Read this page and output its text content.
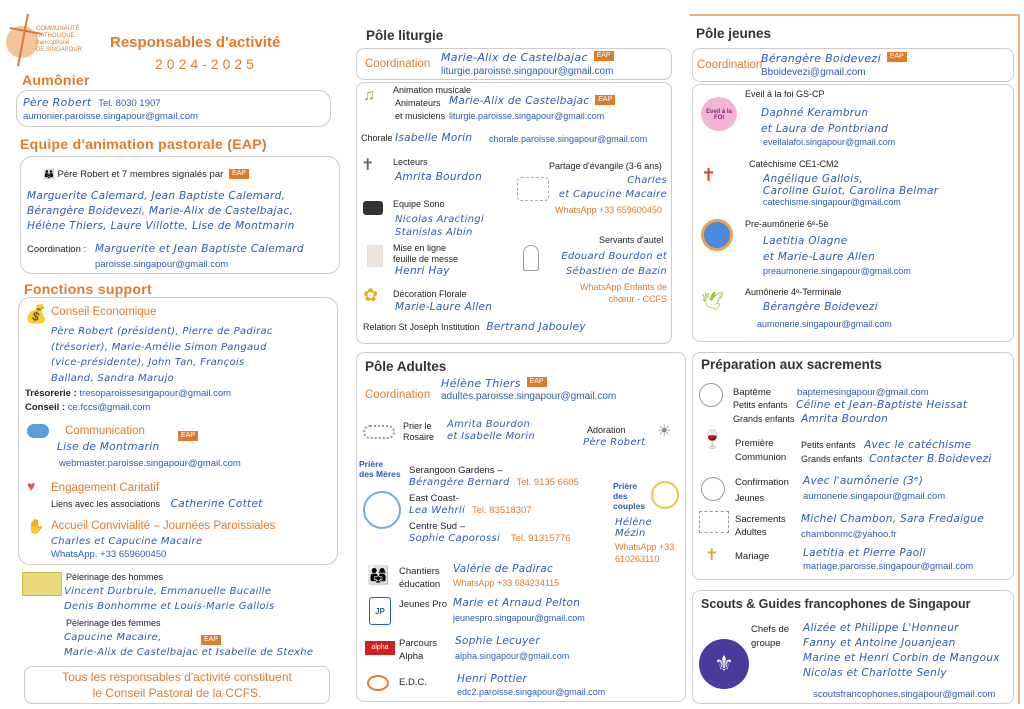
COMMUNAUTÉ
CATHOLIQUE
francophone
DE SINGAPOUR Responsables d'activité
2024-2025
Aumônier
Père Robert Tel. 8030 1907
aumonier.paroisse.singapour@gmail.com
Equipe d'animation pastorale (EAP)
👪 Père Robert et 7 membres signalés par EAP
Marguerite Calemard, Jean Baptiste Calemard,
Bérangère Boidevezi, Marie-Alix de Castelbajac,
Hélène Thiers, Laure Villotte, Lise de Montmarin
Coordination : Marguerite et Jean Baptiste Calemard
paroisse.singapour@gmail.com
Fonctions support
💰 Conseil Economique
Père Robert (président), Pierre de Padirac
(trésorier), Marie-Amélie Simon Pangaud
(vice-présidente), John Tan, François
Balland, Sandra Marujo
Trésorerie : tresoparoissesingapour@gmail.com
Conseil : ce.fccs@gmail.com
Communication	EAP
Lise de Montmarin
webmaster.paroisse.singapour@gmail.com
♥ Engagement Caritatif
Liens avec les associations Catherine Cottet
✋ Accueil Convivialité – Journées Paroissiales
Charles et Capucine Macaire
WhatsApp. +33 659600450
Pèlerinage des hommes
Vincent Durbrule, Emmanuelle Bucaille
Denis Bonhomme et Louis-Marie Gallois
Pèlerinage des femmes
EAP
Capucine Macaire,
Marie-Alix de Castelbajac et Isabelle de Stexhe
Tous les responsables d'activité constituent
le Conseil Pastoral de la CCFS.
Pôle liturgie
Coordination Marie-Alix de Castelbajac EAP
liturgie.paroisse.singapour@gmail.com
♫ Animation musicale
Animateurs
et musiciens
Marie-Alix de Castelbajac EAP
liturgie.paroisse.singapour@gmail.com
Chorale Isabelle Morin chorale.paroisse.singapour@gmail.com
✝ Lecteurs
Amrita Bourdon
Partage d'évangile (3-6 ans)
Charles
et Capucine Macaire
WhatsApp +33 659600450
Equipe Sono
Nicolas Aractingi
Stanislas Albin
Servants d'autel
Edouard Bourdon et
Sébastien de Bazin
WhatsApp Enfants de
chœur - CCFS
Mise en ligne
feuille de messe
Henri Hay
✿ Décoration Florale
Marie-Laure Allen
Relation St Joseph Institution Bertrand Jabouley
Pôle Adultes
Coordination
Hélène Thiers EAP
adultes.paroisse.singapour@gmail.com
Prier le
Rosaire
Amrita Bourdon
et Isabelle Morin
Adoration
Père Robert
☀
Prière
des Mères Serangoon Gardens –
Bérangère Bernard Tel. 9135 6605
East Coast-
Lea Wehrli Tel. 83518307
Centre Sud –
Sophie Caporossi Tel. 91315776
Prière
des
couples
Hélène
Mézin
WhatsApp +33
610263110
👨‍👩‍👧 Chantiers
éducation
Valérie de Padirac
WhatsApp +33 684234115
JP
Jeunes Pro Marie et Arnaud Pelton
jeunespro.singapour@gmail.com
alpha	Parcours
Alpha
Sophie Lecuyer
alpha.singapour@gmail.com
E.D.C.	Henri Pottier
edc2.paroisse.singapour@gmail.com
Pôle jeunes
Coordination
Bérangère Boidevezi EAP
Bboidevezi@gmail.com
Eveil à la FOI
Eveil à la foi GS-CP
Daphné Kerambrun
et Laura de Pontbriand
eveilalafoi.singapour@gmail.com
✝
Catéchisme CE1-CM2
Angélique Gallois,
Caroline Guiot, Carolina Belmar
catechisme.singapour@gmail.com
Pre-aumônerie 6ᵉ-5è
Laetitia Olagne
et Marie-Laure Allen
preaumonerie.singapour@gmail.com
🕊 Aumônerie 4ᵉ-Terminale
Bérangère Boidevezi
aumonerie.singapour@gmail.com
Préparation aux sacrements
Baptême	baptemesingapour@gmail.com
Petits enfants Céline et Jean-Baptiste Heissat
Grands enfants Amrita Bourdon
🍷 Première
Communion
Petits enfants Avec le catéchisme
Grands enfants Contacter B.Boidevezi
Confirmation
Jeunes
Avec l'aumônerie (3ᵉ)
aumonerie.singapour@gmail.com
Sacrements
Adultes
Michel Chambon, Sara Fredaigue
chambonmc@yahoo.fr
✝ Mariage	Laetitia et Pierre Paoli
mariage.paroisse.singapour@gmail.com
Scouts & Guides francophones de Singapour
⚜
Chefs de
groupe
Alizée et Philippe L'Honneur
Fanny et Antoine Jouanjean
Marine et Henri Corbin de Mangoux
Nicolas et Charlotte Senly
scoutsfrancophones.singapour@gmail.com
